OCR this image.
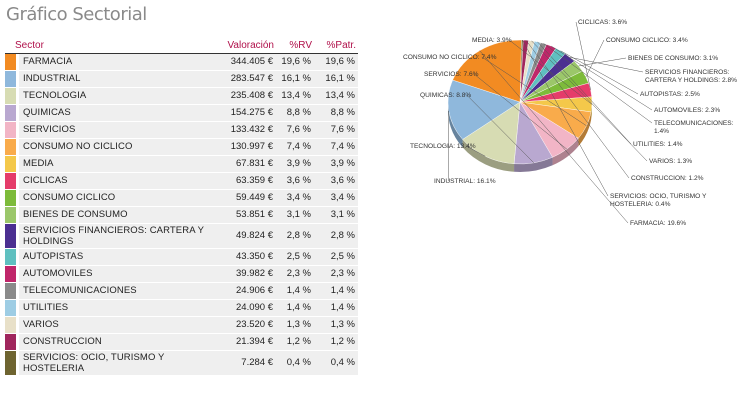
Gráfico Sectorial
Sector			Valoración	%RV	%Patr.
		FARMACIA	344.405 €	19,6 %	19,6 %
		INDUSTRIAL	283.547 €	16,1 %	16,1 %
		TECNOLOGIA	235.408 €	13,4 %	13,4 %
		QUIMICAS	154.275 €	8,8 %	8,8 %
		SERVICIOS	133.432 €	7,6 %	7,6 %
		CONSUMO NO CICLICO	130.997 €	7,4 %	7,4 %
		MEDIA	67.831 €	3,9 %	3,9 %
		CICLICAS	63.359 €	3,6 %	3,6 %
		CONSUMO CICLICO	59.449 €	3,4 %	3,4 %
		BIENES DE CONSUMO	53.851 €	3,1 %	3,1 %
		SERVICIOS FINANCIEROS: CARTERA Y HOLDINGS	49.824 €	2,8 %	2,8 %
		AUTOPISTAS	43.350 €	2,5 %	2,5 %
		AUTOMOVILES	39.982 €	2,3 %	2,3 %
		TELECOMUNICACIONES	24.906 €	1,4 %	1,4 %
		UTILITIES	24.090 €	1,4 %	1,4 %
		VARIOS	23.520 €	1,3 %	1,3 %
		CONSTRUCCION	21.394 €	1,2 %	1,2 %
		SERVICIOS: OCIO, TURISMO Y HOSTELERIA	7.284 €	0,4 %	0,4 %
FARMACIA: 19.6%
INDUSTRIAL: 16.1%
TECNOLOGIA: 13.4%
QUIMICAS: 8.8%
SERVICIOS: 7.6%
CONSUMO NO CICLICO: 7.4%
MEDIA: 3.9%
CICLICAS: 3.6%
CONSUMO CICLICO: 3.4%
BIENES DE CONSUMO: 3.1%
SERVICIOS FINANCIEROS: CARTERA Y HOLDINGS: 2.8%
AUTOPISTAS: 2.5%
AUTOMOVILES: 2.3%
TELECOMUNICACIONES: 1.4%
UTILITIES: 1.4%
VARIOS: 1.3%
CONSTRUCCION: 1.2%
SERVICIOS: OCIO, TURISMO Y HOSTELERIA: 0.4%
